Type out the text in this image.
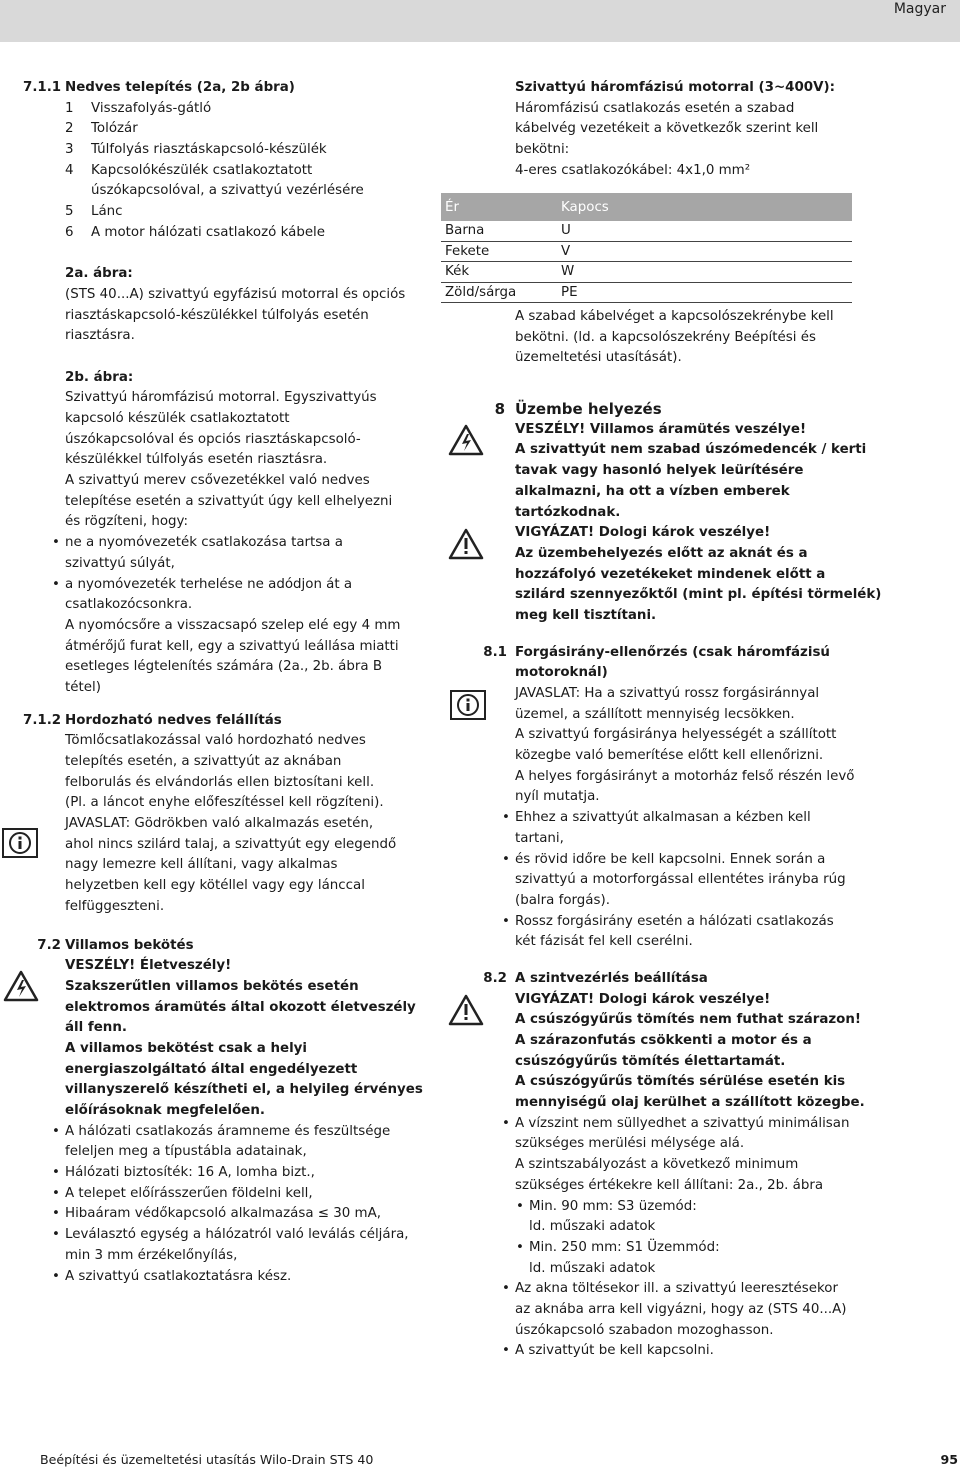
Magyar
7.1.1 Nedves telepítés (2a, 2b ábra)
1 Visszafolyás-gátló
2 Tolózár
3 Túlfolyás riasztáskapcsoló-készülék
4 Kapcsolókészülék csatlakoztatott
úszókapcsolóval, a szivattyú vezérlésére
5 Lánc
6 A motor hálózati csatlakozó kábele
2a. ábra:
(STS 40...A) szivattyú egyfázisú motorral és opciós
riasztáskapcsoló-készülékkel túlfolyás esetén
riasztásra.
2b. ábra:
Szivattyú háromfázisú motorral. Egyszivattyús
kapcsoló készülék csatlakoztatott
úszókapcsolóval és opciós riasztáskapcsoló-
készülékkel túlfolyás esetén riasztásra.
A szivattyú merev csővezetékkel való nedves
telepítése esetén a szivattyút úgy kell elhelyezni
és rögzíteni, hogy:
• ne a nyomóvezeték csatlakozása tartsa a
szivattyú súlyát,
• a nyomóvezeték terhelése ne adódjon át a
csatlakozócsonkra.
A nyomócsőre a visszacsapó szelep elé egy 4 mm
átmérőjű furat kell, egy a szivattyú leállása miatti
esetleges légtelenítés számára (2a., 2b. ábra B
tétel)
7.1.2 Hordozható nedves felállítás
Tömlőcsatlakozással való hordozható nedves
telepítés esetén, a szivattyút az aknában
felborulás és elvándorlás ellen biztosítani kell.
(Pl. a láncot enyhe előfeszítéssel kell rögzíteni).
JAVASLAT: Gödrökben való alkalmazás esetén,
ahol nincs szilárd talaj, a szivattyút egy elegendő
nagy lemezre kell állítani, vagy alkalmas
helyzetben kell egy kötéllel vagy egy lánccal
felfüggeszteni.
7.2 Villamos bekötés
VESZÉLY! Életveszély!
Szakszerűtlen villamos bekötés esetén
elektromos áramütés által okozott életveszély
áll fenn.
A villamos bekötést csak a helyi
energiaszolgáltató által engedélyezett
villanyszerelő készítheti el, a helyileg érvényes
előírásoknak megfelelően.
• A hálózati csatlakozás áramneme és feszültsége
feleljen meg a típustábla adatainak,
• Hálózati biztosíték: 16 A, lomha bizt.,
• A telepet előírásszerűen földelni kell,
• Hibaáram védőkapcsoló alkalmazása ≤ 30 mA,
• Leválasztó egység a hálózatról való leválás céljára,
min 3 mm érzékelőnyílás,
• A szivattyú csatlakoztatásra kész.
Szivattyú háromfázisú motorral (3~400V):
Háromfázisú csatlakozás esetén a szabad
kábelvég vezetékeit a következők szerint kell
bekötni:
4-eres csatlakozókábel: 4x1,0 mm²
Ér	Kapocs
Barna	U
Fekete	V
Kék	W
Zöld/sárga	PE
A szabad kábelvéget a kapcsolószekrénybe kell
bekötni. (ld. a kapcsolószekrény Beépítési és
üzemeltetési utasítását).
8 Üzembe helyezés
VESZÉLY! Villamos áramütés veszélye!
A szivattyút nem szabad úszómedencék / kerti
tavak vagy hasonló helyek leürítésére
alkalmazni, ha ott a vízben emberek
tartózkodnak.
VIGYÁZAT! Dologi károk veszélye!
Az üzembehelyezés előtt az aknát és a
hozzáfolyó vezetékeket mindenek előtt a
szilárd szennyezőktől (mint pl. építési törmelék)
meg kell tisztítani.
8.1 Forgásirány-ellenőrzés (csak háromfázisú
motoroknál)
JAVASLAT: Ha a szivattyú rossz forgásiránnyal
üzemel, a szállított mennyiség lecsökken.
A szivattyú forgásiránya helyességét a szállított
közegbe való bemerítése előtt kell ellenőrizni.
A helyes forgásirányt a motorház felső részén levő
nyíl mutatja.
• Ehhez a szivattyút alkalmasan a kézben kell
tartani,
• és rövid időre be kell kapcsolni. Ennek során a
szivattyú a motorforgással ellentétes irányba rúg
(balra forgás).
• Rossz forgásirány esetén a hálózati csatlakozás
két fázisát fel kell cserélni.
8.2 A szintvezérlés beállítása
VIGYÁZAT! Dologi károk veszélye!
A csúszógyűrűs tömítés nem futhat szárazon!
A szárazonfutás csökkenti a motor és a
csúszógyűrűs tömítés élettartamát.
A csúszógyűrűs tömítés sérülése esetén kis
mennyiségű olaj kerülhet a szállított közegbe.
• A vízszint nem süllyedhet a szivattyú minimálisan
szükséges merülési mélysége alá.
A szintszabályozást a következő minimum
szükséges értékekre kell állítani: 2a., 2b. ábra
• Min. 90 mm: S3 üzemód:
ld. műszaki adatok
• Min. 250 mm: S1 Üzemmód:
ld. műszaki adatok
• Az akna töltésekor ill. a szivattyú leeresztésekor
az aknába arra kell vigyázni, hogy az (STS 40...A)
úszókapcsoló szabadon mozoghasson.
• A szivattyút be kell kapcsolni.
Beépítési és üzemeltetési utasítás Wilo-Drain STS 40	95
